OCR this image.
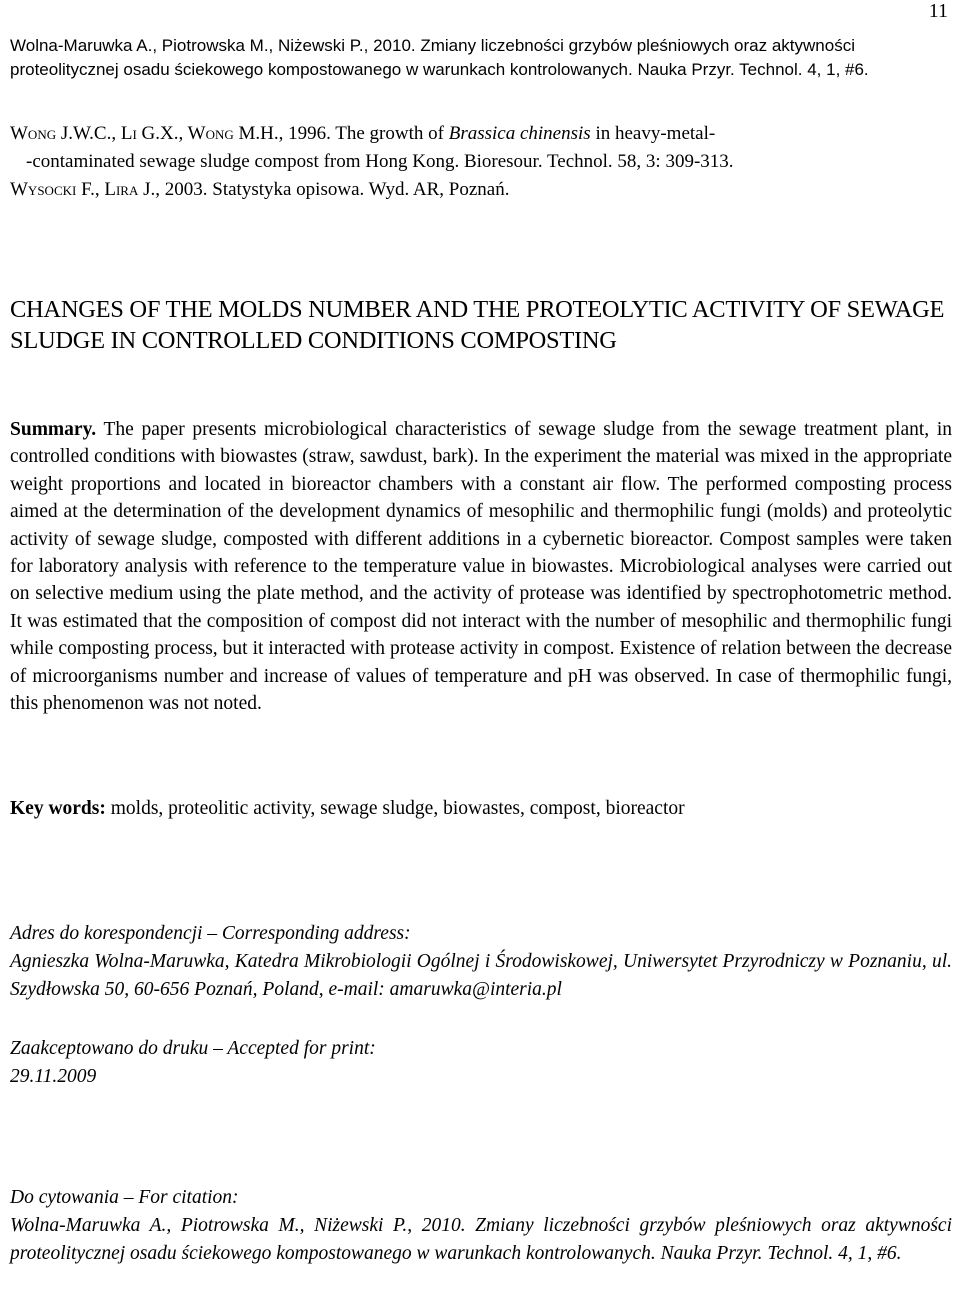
11
Wolna-Maruwka A., Piotrowska M., Niżewski P., 2010. Zmiany liczebności grzybów pleśniowych oraz aktywności proteolitycznej osadu ściekowego kompostowanego w warunkach kontrolowanych. Nauka Przyr. Technol. 4, 1, #6.

Wong J.W.C., Li G.X., Wong M.H., 1996. The growth of Brassica chinensis in heavy-metal-
-contaminated sewage sludge compost from Hong Kong. Bioresour. Technol. 58, 3: 309-313.

Wysocki F., Lira J., 2003. Statystyka opisowa. Wyd. AR, Poznań.

CHANGES OF THE MOLDS NUMBER AND THE PROTEOLYTIC ACTIVITY OF SEWAGE SLUDGE IN CONTROLLED CONDITIONS COMPOSTING
Summary. The paper presents microbiological characteristics of sewage sludge from the sewage treatment plant, in controlled conditions with biowastes (straw, sawdust, bark). In the experiment the material was mixed in the appropriate weight proportions and located in bioreactor chambers with a constant air flow. The performed composting process aimed at the determination of the development dynamics of mesophilic and thermophilic fungi (molds) and proteolytic activity of sewage sludge, composted with different additions in a cybernetic bioreactor. Compost samples were taken for laboratory analysis with reference to the temperature value in biowastes. Microbiological analyses were carried out on selective medium using the plate method, and the activity of protease was identified by spectrophotometric method. It was estimated that the composition of compost did not interact with the number of mesophilic and thermophilic fungi while composting process, but it interacted with protease activity in compost. Existence of relation between the decrease of microorganisms number and increase of values of temperature and pH was observed. In case of thermophilic fungi, this phenomenon was not noted.
Key words: molds, proteolitic activity, sewage sludge, biowastes, compost, bioreactor
Adres do korespondencji – Corresponding address:
Agnieszka Wolna-Maruwka, Katedra Mikrobiologii Ogólnej i Środowiskowej, Uniwersytet Przyrodniczy w Poznaniu, ul. Szydłowska 50, 60-656 Poznań, Poland, e-mail: amaruwka@interia.pl
Zaakceptowano do druku – Accepted for print:
29.11.2009
Do cytowania – For citation:
Wolna-Maruwka A., Piotrowska M., Niżewski P., 2010. Zmiany liczebności grzybów pleśniowych oraz aktywności proteolitycznej osadu ściekowego kompostowanego w warunkach kontrolowanych. Nauka Przyr. Technol. 4, 1, #6.
